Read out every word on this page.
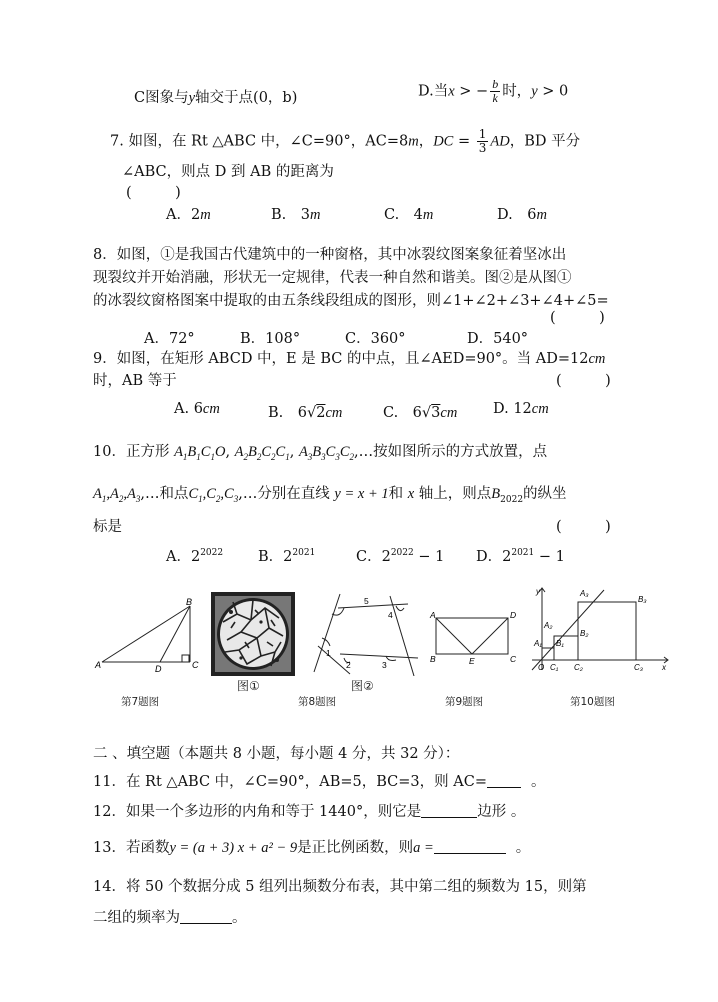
C图象与y轴交于点(0，b)	D.当x > − $\frac{b}{k}$ 时，y > 0
7. 如图，在 Rt △ABC 中，∠C=90°，AC=8m，DC = $\frac{1}{3}$ AD，BD 平分
∠ABC，则点 D 到 AB 的距离为
(　　　)
A．2m	B.　3m	C.　4m	D.　6m
8．如图，①是我国古代建筑中的一种窗格，其中冰裂纹图案象征着坚冰出
现裂纹并开始消融，形状无一定规律，代表一种自然和谐美。图②是从图①
的冰裂纹窗格图案中提取的由五条线段组成的图形，则∠1+∠2+∠3+∠4+∠5=
(　　　)
A．72°	B．108°	C．360°	D．540°
9．如图，在矩形 ABCD 中，E 是 BC 的中点，且∠AED=90°。当 AD=12cm
时，AB 等于	(　　　)
A. 6cm	B.　6√2cm	C.　6√3cm D. 12cm
10．正方形 $A_1B_1C_1O$, $A_2B_2C_2C_1$, $A_3B_3C_3C_2,\dots$按如图所示的方式放置，点
$A_1,A_2,A_3,\dots$和点$C_1,C_2,C_3,\dots$分别在直线 y = x + 1和 x 轴上，则点$B_{2022}$的纵坐
标是	(　　　)
A．$2^{2022}$ B．$2^{2021}$	C．$2^{2022} - 1$ D．$2^{2021} - 1$
A
B
C
D
第7题图
图①
1
2	3
4
5
图②
第8题图
A
B	C
D
E
第9题图
y
x
O
A₁
A₂
A₃
B₁
B₂
B₃
C₁ C₂	C₃
第10题图
二 、填空题（本题共 8 小题，每小题 4 分，共 32 分）：
11．在 Rt △ABC 中，∠C=90°，AB=5，BC=3，则 AC=	。
12．如果一个多边形的内角和等于 1440°，则它是	边形 。
13．若函数y = (a + 3) x + a² − 9是正比例函数，则a =	。
14．将 50 个数据分成 5 组列出频数分布表，其中第二组的频数为 15，则第
二组的频率为	。
